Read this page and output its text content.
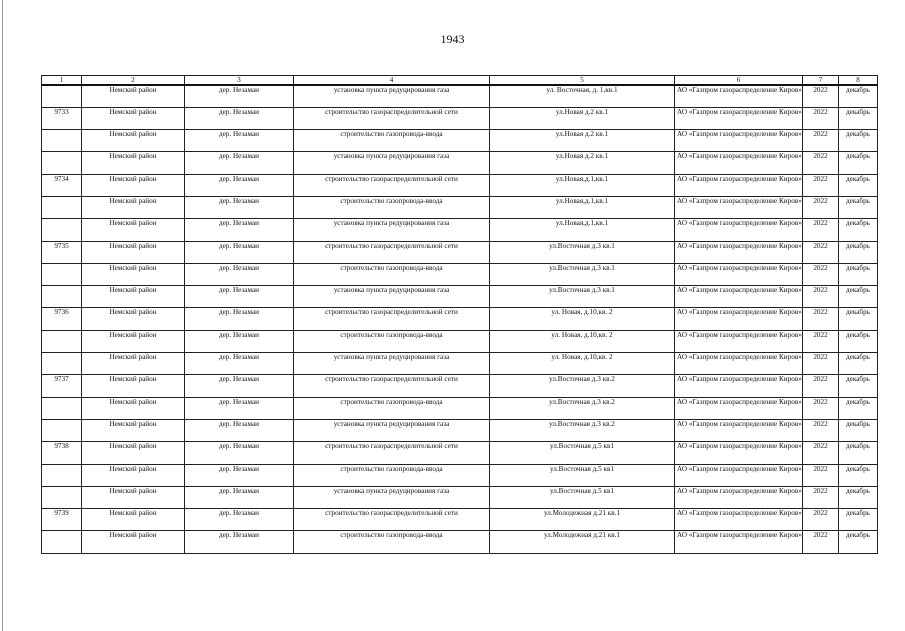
1943
1	2	3	4	5	6	7	8
	Немский район	дер. Незамаи	установка пункта редуцирования газа	ул. Восточная, д. 1,кв.1	АО «Газпром газораспределение Киров»	2022	декабрь
9733	Немский район	дер. Незамаи	строительство газораспределительной сети	ул.Новая д.2 кв.1	АО «Газпром газораспределение Киров»	2022	декабрь
	Немский район	дер. Незамаи	строительство газопровода-ввода	ул.Новая д.2 кв.1	АО «Газпром газораспределение Киров»	2022	декабрь
	Немский район	дер. Незамаи	установка пункта редуцирования газа	ул.Новая д.2 кв.1	АО «Газпром газораспределение Киров»	2022	декабрь
9734	Немский район	дер. Незамаи	строительство газораспределительной сети	ул.Новая,д.1,кв.1	АО «Газпром газораспределение Киров»	2022	декабрь
	Немский район	дер. Незамаи	строительство газопровода-ввода	ул.Новая,д.1,кв.1	АО «Газпром газораспределение Киров»	2022	декабрь
	Немский район	дер. Незамаи	установка пункта редуцирования газа	ул.Новая,д.1,кв.1	АО «Газпром газораспределение Киров»	2022	декабрь
9735	Немский район	дер. Незамаи	строительство газораспределительной сети	ул.Восточная д.3 кв.1	АО «Газпром газораспределение Киров»	2022	декабрь
	Немский район	дер. Незамаи	строительство газопровода-ввода	ул.Восточная д.3 кв.1	АО «Газпром газораспределение Киров»	2022	декабрь
	Немский район	дер. Незамаи	установка пункта редуцирования газа	ул.Восточная д.3 кв.1	АО «Газпром газораспределение Киров»	2022	декабрь
9736	Немский район	дер. Незамаи	строительство газораспределительной сети	ул. Новая, д.10,кв. 2	АО «Газпром газораспределение Киров»	2022	декабрь
	Немский район	дер. Незамаи	строительство газопровода-ввода	ул. Новая, д.10,кв. 2	АО «Газпром газораспределение Киров»	2022	декабрь
	Немский район	дер. Незамаи	установка пункта редуцирования газа	ул. Новая, д.10,кв. 2	АО «Газпром газораспределение Киров»	2022	декабрь
9737	Немский район	дер. Незамаи	строительство газораспределительной сети	ул.Восточная д.3 кв.2	АО «Газпром газораспределение Киров»	2022	декабрь
	Немский район	дер. Незамаи	строительство газопровода-ввода	ул.Восточная д.3 кв.2	АО «Газпром газораспределение Киров»	2022	декабрь
	Немский район	дер. Незамаи	установка пункта редуцирования газа	ул.Восточная д.3 кв.2	АО «Газпром газораспределение Киров»	2022	декабрь
9738	Немский район	дер. Незамаи	строительство газораспределительной сети	ул.Восточная д.5 кв1	АО «Газпром газораспределение Киров»	2022	декабрь
	Немский район	дер. Незамаи	строительство газопровода-ввода	ул.Восточная д.5 кв1	АО «Газпром газораспределение Киров»	2022	декабрь
	Немский район	дер. Незамаи	установка пункта редуцирования газа	ул.Восточная д.5 кв1	АО «Газпром газораспределение Киров»	2022	декабрь
9739	Немский район	дер. Незамаи	строительство газораспределительной сети	ул.Молодежная д.21 кв.1	АО «Газпром газораспределение Киров»	2022	декабрь
	Немский район	дер. Незамаи	строительство газопровода-ввода	ул.Молодежная д.21 кв.1	АО «Газпром газораспределение Киров»	2022	декабрь
